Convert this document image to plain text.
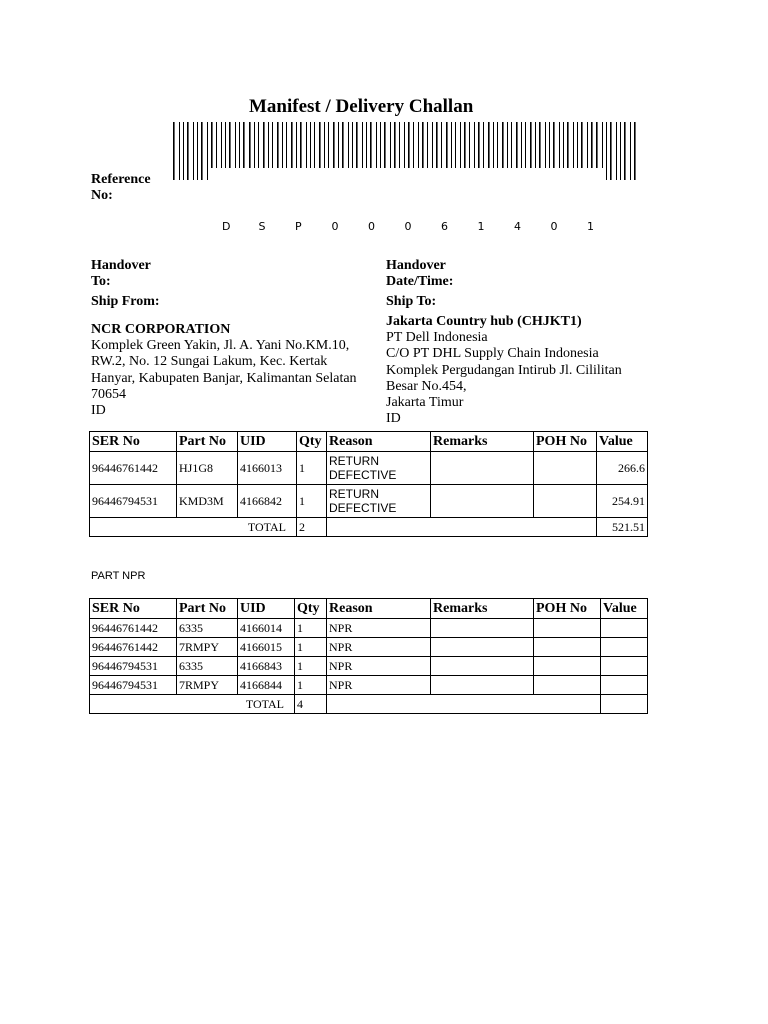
Manifest / Delivery Challan
Reference No:
D	S	P	0	0	0	6	1	4	0	1
Handover To:
Handover Date/Time:
Ship From:	Ship To:
NCR CORPORATION
Komplek Green Yakin, Jl. A. Yani No.KM.10,
RW.2, No. 12 Sungai Lakum, Kec. Kertak
Hanyar, Kabupaten Banjar, Kalimantan Selatan
70654
ID
Jakarta Country hub (CHJKT1)
PT Dell Indonesia
C/O PT DHL Supply Chain Indonesia
Komplek Pergudangan Intirub Jl. Cililitan
Besar No.454,
Jakarta Timur
ID
SER No	Part No	UID	Qty	Reason	Remarks	POH No	Value
96446761442	HJ1G8	4166013	1	RETURN
DEFECTIVE			266.6
96446794531	KMD3M	4166842	1	RETURN
DEFECTIVE			254.91
TOTAL			2				521.51
PART NPR
SER No	Part No	UID	Qty	Reason	Remarks	POH No	Value
96446761442	6335	4166014	1	NPR			
96446761442	7RMPY	4166015	1	NPR			
96446794531	6335	4166843	1	NPR			
96446794531	7RMPY	4166844	1	NPR			
TOTAL			4				
